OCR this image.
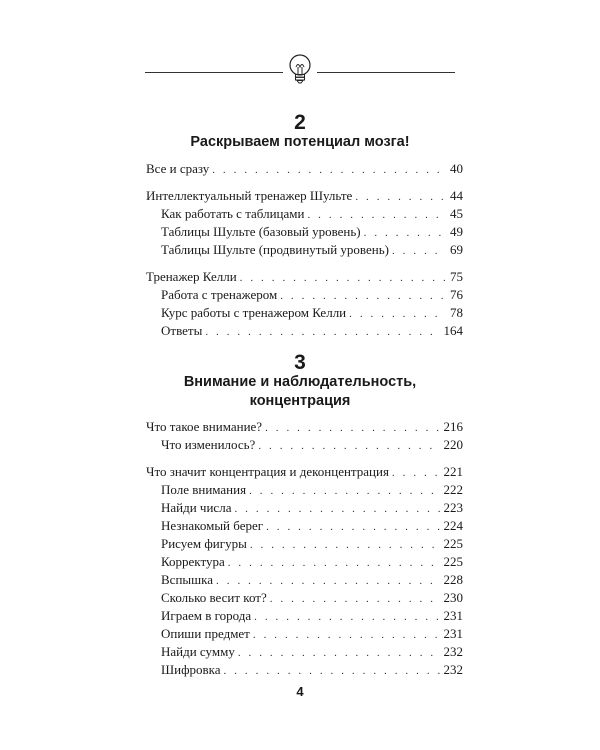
2
Раскрываем потенциал мозга!
Все и сразу . . .	40
Интеллектуальный тренажер Шульте . . .	44
Как работать с таблицами . . .	45
Таблицы Шульте (базовый уровень) . . .	49
Таблицы Шульте (продвинутый уровень) . . .	69
Тренажер Келли . . .	75
Работа с тренажером . . .	76
Курс работы с тренажером Келли . . .	78
Ответы . . .	164
3
Внимание и наблюдательность,
концентрация
Что такое внимание? . . .	216
Что изменилось? . . .	220
Что значит концентрация и деконцентрация . . .	221
Поле внимания . . .	222
Найди числа . . .	223
Незнакомый берег . . .	224
Рисуем фигуры . . .	225
Корректура . . .	225
Вспышка . . .	228
Сколько весит кот? . . .	230
Играем в города . . .	231
Опиши предмет . . .	231
Найди сумму . . .	232
Шифровка . . .	232
4
